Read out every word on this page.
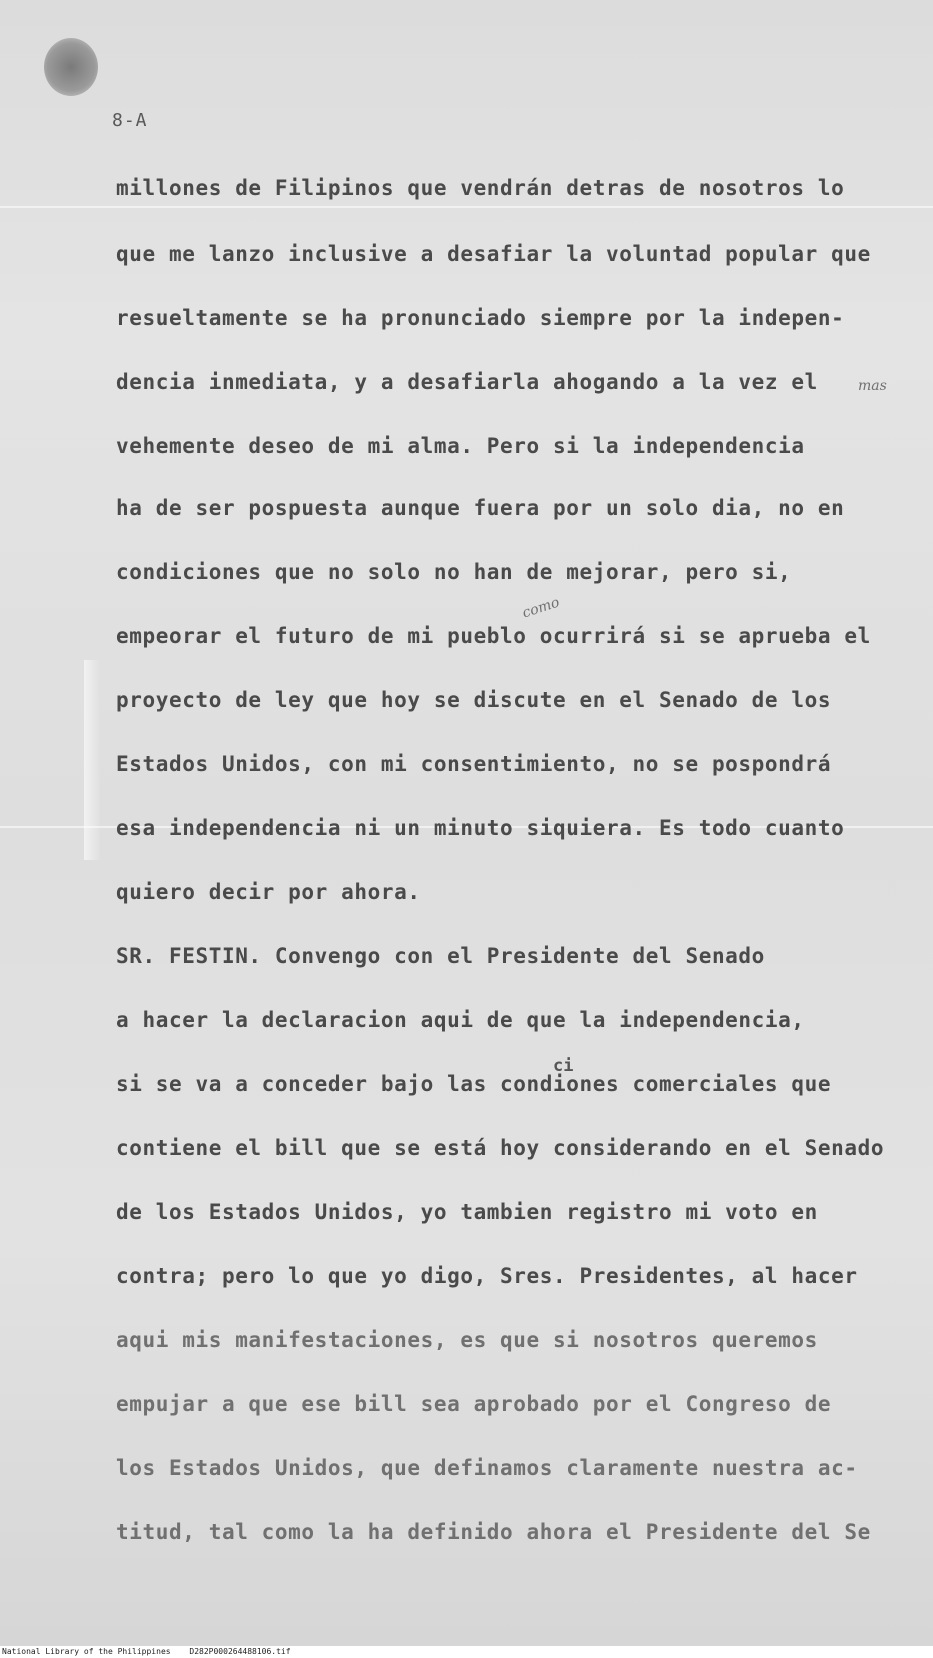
8-A
millones de Filipinos que vendrán detras de nosotros lo
que me lanzo inclusive a desafiar la voluntad popular que
resueltamente se ha pronunciado siempre por la indepen-
dencia inmediata, y a desafiarla ahogando a la vez el
vehemente deseo de mi alma. Pero si la independencia
ha de ser pospuesta aunque fuera por un solo dia, no en
condiciones que no solo no han de mejorar, pero si,
empeorar el futuro de mi pueblo ocurrirá si se aprueba el
proyecto de ley que hoy se discute en el Senado de los
Estados Unidos, con mi consentimiento, no se pospondrá
esa independencia ni un minuto siquiera. Es todo cuanto
quiero decir por ahora.
SR. FESTIN. Convengo con el Presidente del Senado
a hacer la declaracion aqui de que la independencia,
si se va a conceder bajo las condiones comerciales que
contiene el bill que se está hoy considerando en el Senado
de los Estados Unidos, yo tambien registro mi voto en
contra; pero lo que yo digo, Sres. Presidentes, al hacer
aqui mis manifestaciones, es que si nosotros queremos
empujar a que ese bill sea aprobado por el Congreso de
los Estados Unidos, que definamos claramente nuestra ac-
titud, tal como la ha definido ahora el Presidente del Se
mas
como
ci
National Library of the Philippines D282P000264488106.tif
